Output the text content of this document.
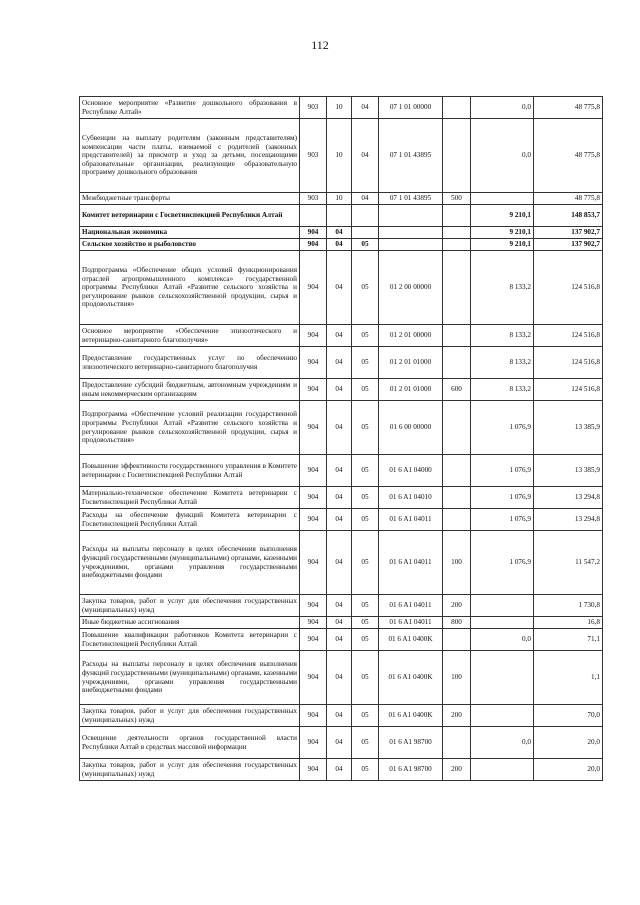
112
Основное мероприятие «Развитие дошкольного образования в Республике Алтай»	903	10	04	07 1 01 00000		0,0	48 775,8
Субвенции на выплату родителям (законным представителям) компенсации части платы, взимаемой с родителей (законных представителей) за присмотр и уход за детьми, посещающими образовательные организации, реализующие образовательную программу дошкольного образования	903	10	04	07 1 01 43895		0,0	48 775,8
Межбюджетные трансферты	903	10	04	07 1 01 43895	500		48 775,8
Комитет ветеринарии с Госветинспекцией Республики Алтай						9 210,1	148 853,7
Национальная экономика	904	04				9 210,1	137 902,7
Сельское хозяйство и рыболовство	904	04	05			9 210,1	137 902,7
Подпрограмма «Обеспечение общих условий функционирования отраслей агропромышленного комплекса» государственной программы Республики Алтай «Развитие сельского хозяйства и регулирование рынков сельскохозяйственной продукции, сырья и продовольствия»	904	04	05	01 2 00 00000		8 133,2	124 516,8
Основное мероприятие «Обеспечение эпизоотического и ветеринарно-санитарного благополучия»	904	04	05	01 2 01 00000		8 133,2	124 516,8
Предоставление государственных услуг по обеспечению эпизоотического ветеринарно-санитарного благополучия	904	04	05	01 2 01 01000		8 133,2	124 516,8
Предоставление субсидий бюджетным, автономным учреждениям и иным некоммерческим организациям	904	04	05	01 2 01 01000	600	8 133,2	124 516,8
Подпрограмма «Обеспечение условий реализации государственной программы Республики Алтай «Развитие сельского хозяйства и регулирование рынков сельскохозяйственной продукции, сырья и продовольствия»	904	04	05	01 6 00 00000		1 076,9	13 385,9
Повышение эффективности государственного управления в Комитете ветеринарии с Госветинспекцией Республики Алтай	904	04	05	01 6 A1 04000		1 076,9	13 385,9
Материально-техническое обеспечение Комитета ветеринарии с Госветинспекцией Республики Алтай	904	04	05	01 6 A1 04010		1 076,9	13 294,8
Расходы на обеспечение функций Комитета ветеринарии с Госветинспекцией Республики Алтай	904	04	05	01 6 A1 04011		1 076,9	13 294,8
Расходы на выплаты персоналу в целях обеспечения выполнения функций государственными (муниципальными) органами, казенными учреждениями, органами управления государственными внебюджетными фондами	904	04	05	01 6 A1 04011	100	1 076,9	11 547,2
Закупка товаров, работ и услуг для обеспечения государственных (муниципальных) нужд	904	04	05	01 6 A1 04011	200		1 730,8
Иные бюджетные ассигнования	904	04	05	01 6 A1 04011	800		16,8
Повышение квалификации работников Комитета ветеринарии с Госветинспекцией Республики Алтай	904	04	05	01 6 A1 0400K		0,0	71,1
Расходы на выплаты персоналу в целях обеспечения выполнения функций государственными (муниципальными) органами, казенными учреждениями, органами управления государственными внебюджетными фондами	904	04	05	01 6 A1 0400K	100		1,1
Закупка товаров, работ и услуг для обеспечения государственных (муниципальных) нужд	904	04	05	01 6 A1 0400K	200		70,0
Освещение деятельности органов государственной власти Республики Алтай в средствах массовой информации	904	04	05	01 6 A1 98700		0,0	20,0
Закупка товаров, работ и услуг для обеспечения государственных (муниципальных) нужд	904	04	05	01 6 A1 98700	200		20,0
